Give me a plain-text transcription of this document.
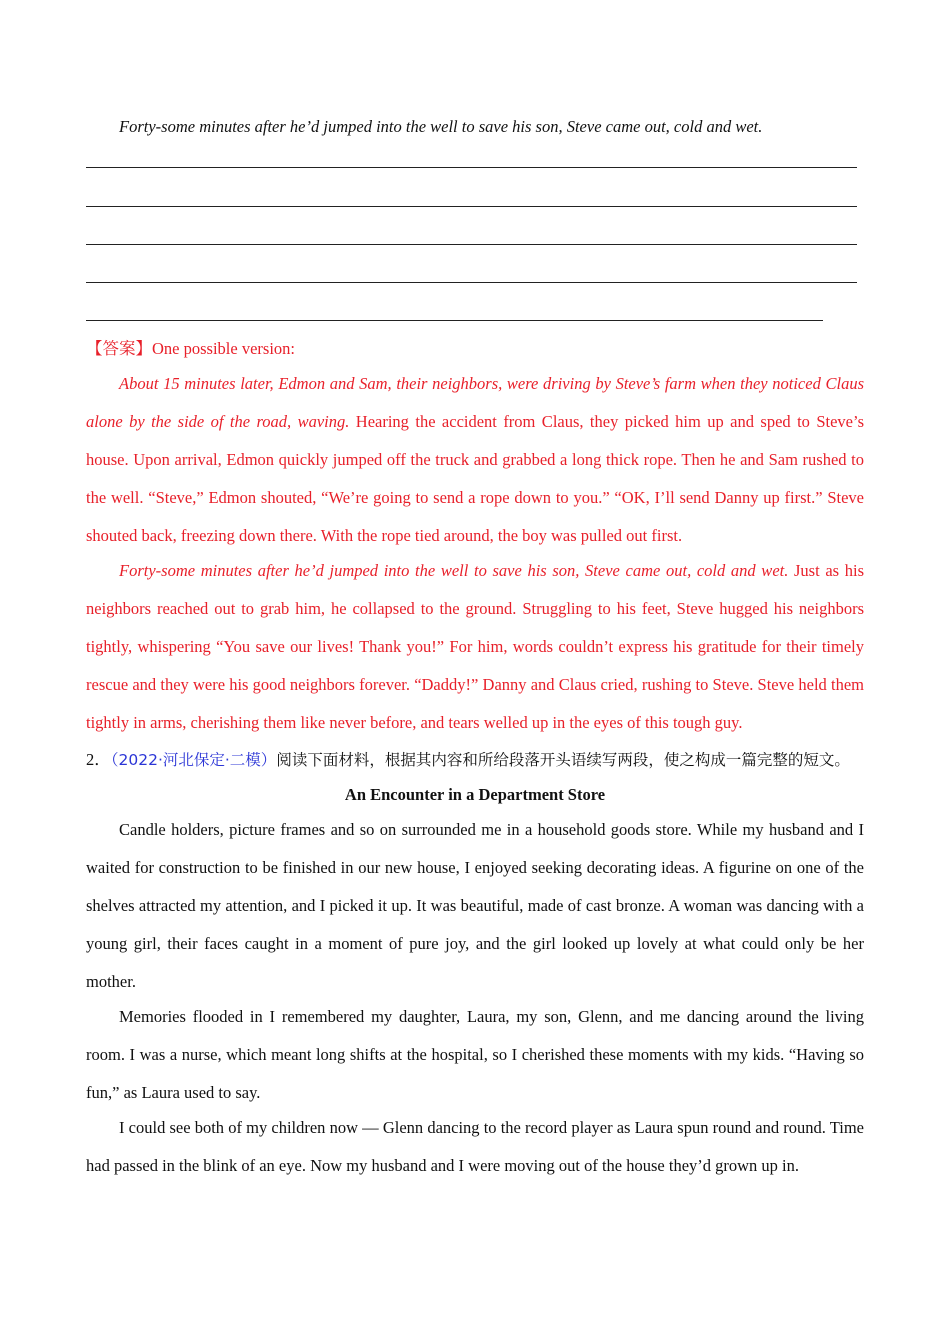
Forty-some minutes after he’d jumped into the well to save his son, Steve came out, cold and wet.

【答案】One possible version:

About 15 minutes later, Edmon and Sam, their neighbors, were driving by Steve’s farm when they noticed Claus alone by the side of the road, waving. Hearing the accident from Claus, they picked him up and sped to Steve’s house. Upon arrival, Edmon quickly jumped off the truck and grabbed a long thick rope. Then he and Sam rushed to the well. “Steve,” Edmon shouted, “We’re going to send a rope down to you.” “OK, I’ll send Danny up first.” Steve shouted back, freezing down there. With the rope tied around, the boy was pulled out first.

Forty-some minutes after he’d jumped into the well to save his son, Steve came out, cold and wet. Just as his neighbors reached out to grab him, he collapsed to the ground. Struggling to his feet, Steve hugged his neighbors tightly, whispering “You save our lives! Thank you!” For him, words couldn’t express his gratitude for their timely rescue and they were his good neighbors forever. “Daddy!” Danny and Claus cried, rushing to Steve. Steve held them tightly in arms, cherishing them like never before, and tears welled up in the eyes of this tough guy.

2．（2022·河北保定·二模）阅读下面材料，根据其内容和所给段落开头语续写两段，使之构成一篇完整的短文。

An Encounter in a Department Store

Candle holders, picture frames and so on surrounded me in a household goods store. While my husband and I waited for construction to be finished in our new house, I enjoyed seeking decorating ideas. A figurine on one of the shelves attracted my attention, and I picked it up. It was beautiful, made of cast bronze. A woman was dancing with a young girl, their faces caught in a moment of pure joy, and the girl looked up lovely at what could only be her mother.

Memories flooded in I remembered my daughter, Laura, my son, Glenn, and me dancing around the living room. I was a nurse, which meant long shifts at the hospital, so I cherished these moments with my kids. “Having so fun,” as Laura used to say.

I could see both of my children now — Glenn dancing to the record player as Laura spun round and round. Time had passed in the blink of an eye. Now my husband and I were moving out of the house they’d grown up in.
